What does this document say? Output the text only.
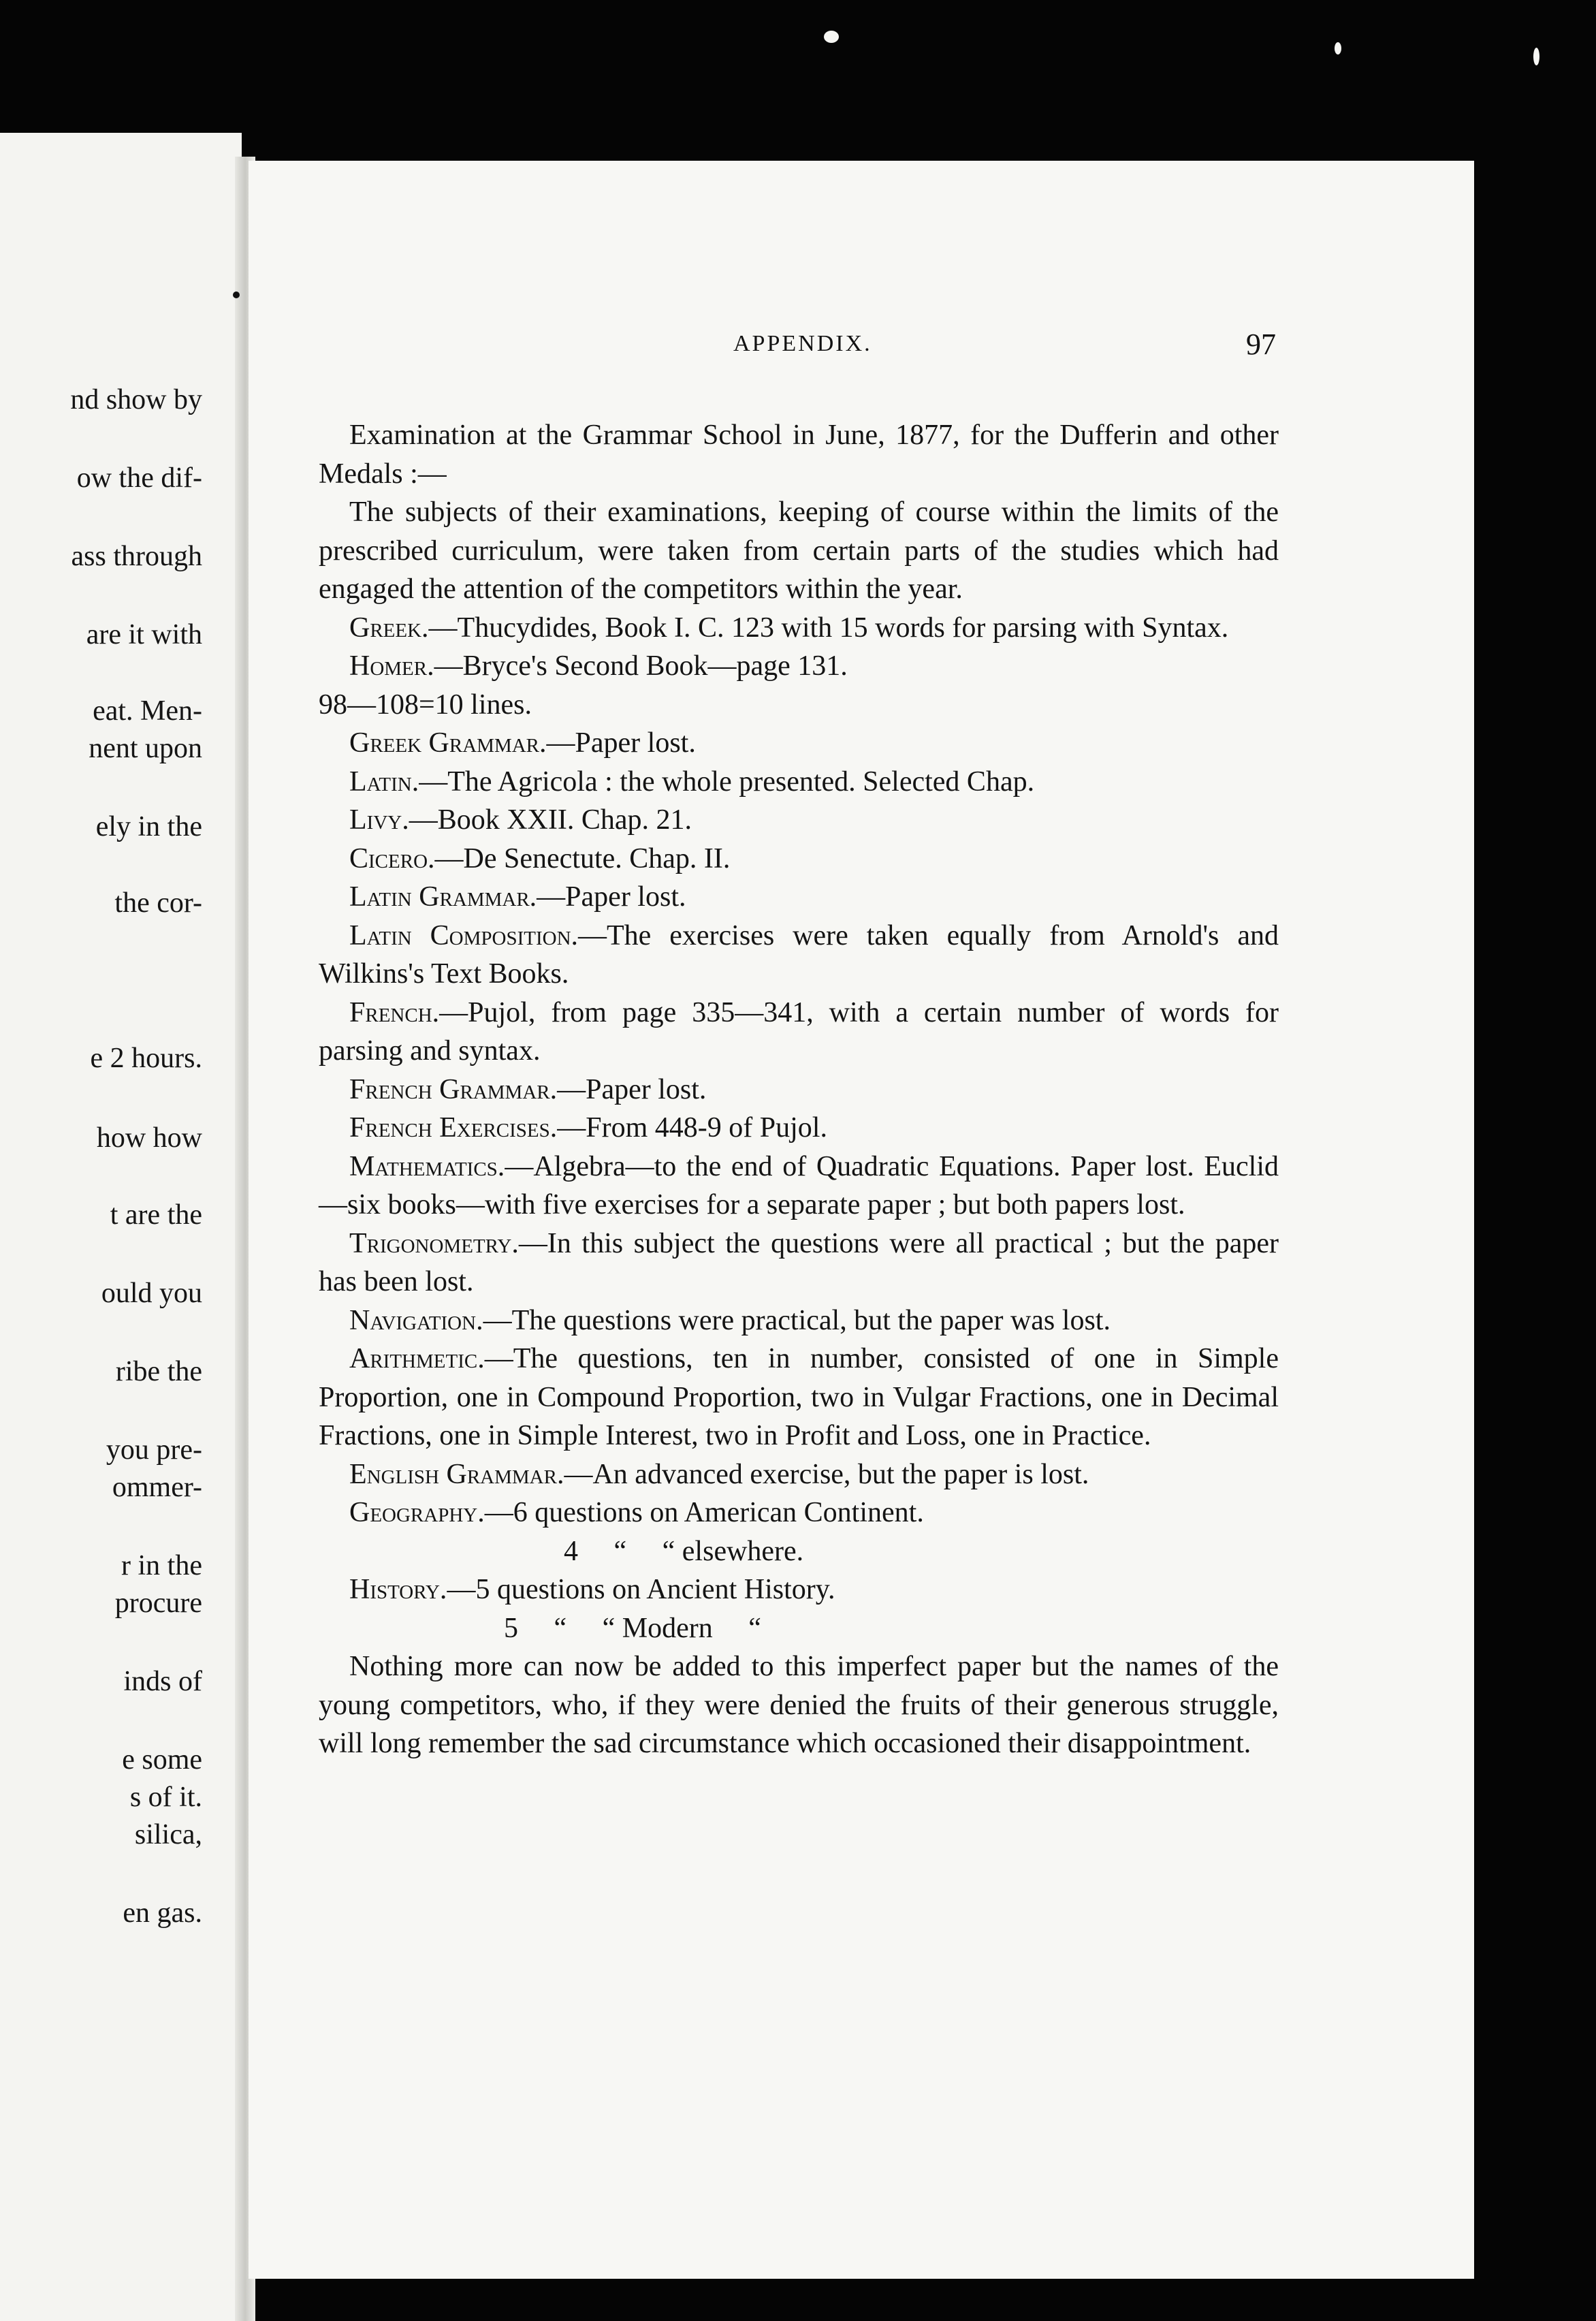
nd show by
ow the dif-
ass through
are it with
eat. Men-
nent upon
ely in the
the cor-
e 2 hours.
how how
t are the
ould you
ribe the
you pre-
ommer-
r in the
procure
inds of
e some
s of it.
silica,
en gas.
APPENDIX.	97

Examination at the Grammar School in June, 1877, for the Dufferin and other Medals :—

The subjects of their examinations, keeping of course within the limits of the prescribed curriculum, were taken from certain parts of the studies which had engaged the attention of the competitors within the year.

Greek.—Thucydides, Book I. C. 123 with 15 words for parsing with Syntax.

Homer.—Bryce's Second Book—page 131.

98—108=10 lines.

Greek Grammar.—Paper lost.

Latin.—The Agricola : the whole presented. Selected Chap.

Livy.—Book XXII. Chap. 21.

Cicero.—De Senectute. Chap. II.

Latin Grammar.—Paper lost.

Latin Composition.—The exercises were taken equally from Arnold's and Wilkins's Text Books.

French.—Pujol, from page 335—341, with a certain number of words for parsing and syntax.

French Grammar.—Paper lost.

French Exercises.—From 448-9 of Pujol.

Mathematics.—Algebra—to the end of Quadratic Equations. Paper lost. Euclid—six books—with five exercises for a separate paper ; but both papers lost.

Trigonometry.—In this subject the questions were all practical ; but the paper has been lost.

Navigation.—The questions were practical, but the paper was lost.

Arithmetic.—The questions, ten in number, consisted of one in Simple Proportion, one in Compound Proportion, two in Vulgar Fractions, one in Decimal Fractions, one in Simple Interest, two in Profit and Loss, one in Practice.

English Grammar.—An advanced exercise, but the paper is lost.

Geography.—6 questions on American Continent.

4     “     “ elsewhere.

History.—5 questions on Ancient History.

5     “     “ Modern     “

Nothing more can now be added to this imperfect paper but the names of the young competitors, who, if they were denied the fruits of their generous struggle, will long remember the sad circumstance which occasioned their disappointment.
